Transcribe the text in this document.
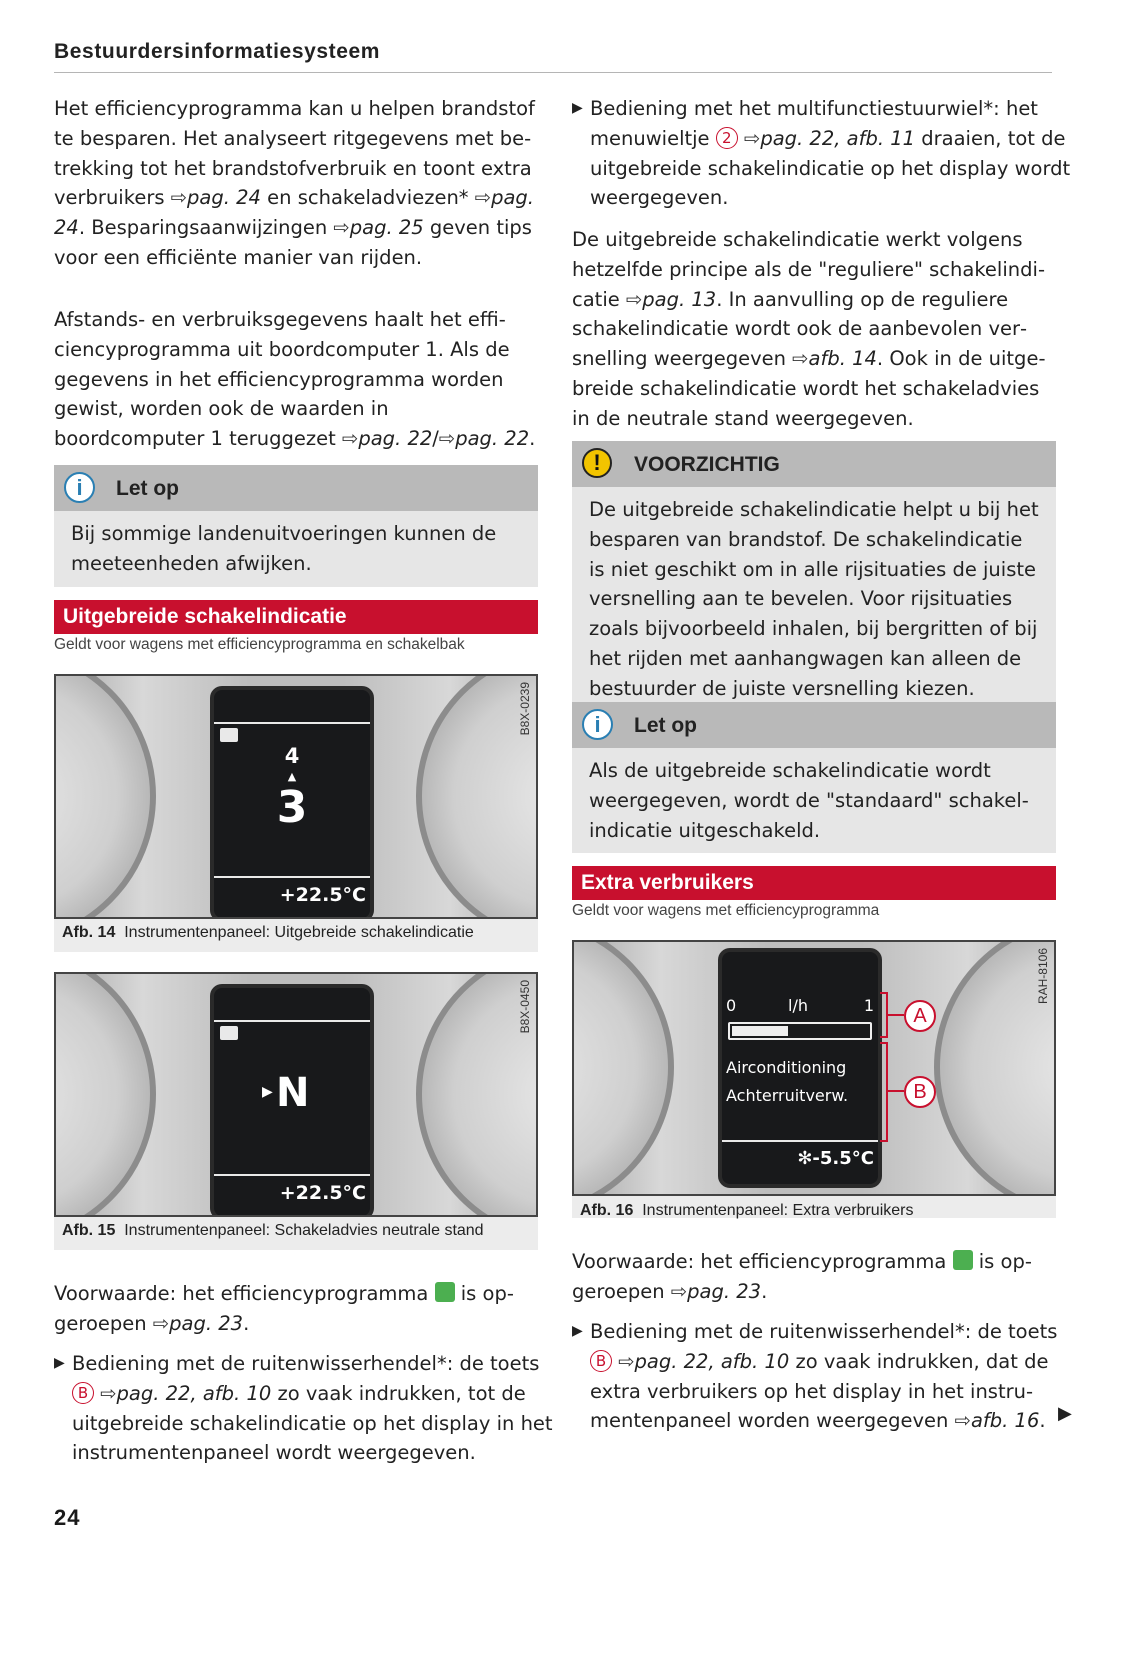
Bestuurdersinformatiesysteem

Het efficiencyprogramma kan u helpen brandstof te besparen. Het analyseert ritgegevens met betrekking tot het brandstofverbruik en toont extra verbruikers ⇨pag. 24 en schakeladviezen* ⇨pag. 24. Besparingsaanwijzingen ⇨pag. 25 geven tips voor een efficiënte manier van rijden.

Afstands- en verbruiksgegevens haalt het efficiencyprogramma uit boordcomputer 1. Als de gegevens in het efficiencyprogramma worden gewist, worden ook de waarden in boordcomputer 1 teruggezet ⇨pag. 22/⇨pag. 22.

i	Let op
Bij sommige landenuitvoeringen kunnen de meeteenheden afwijken.
Uitgebreide schakelindicatie
Geldt voor wagens met efficiencyprogramma en schakelbak
4
▲
3
+22.5°C
B8X-0239
Afb. 14 Instrumentenpaneel: Uitgebreide schakelindicatie
▶ N
+22.5°C
B8X-0450
Afb. 15 Instrumentenpaneel: Schakeladvies neutrale stand

Voorwaarde: het efficiencyprogramma  is opgeroepen ⇨pag. 23.

▶ Bediening met de ruitenwisserhendel*: de toets B ⇨pag. 22, afb. 10 zo vaak indrukken, tot de uitgebreide schakelindicatie op het display in het instrumentenpaneel wordt weergegeven.

▶ Bediening met het multifunctiestuurwiel*: het menuwieltje 2 ⇨pag. 22, afb. 11 draaien, tot de uitgebreide schakelindicatie op het display wordt weergegeven.

De uitgebreide schakelindicatie werkt volgens hetzelfde principe als de "reguliere" schakelindicatie ⇨pag. 13. In aanvulling op de reguliere schakelindicatie wordt ook de aanbevolen versnelling weergegeven ⇨afb. 14. Ook in de uitgebreide schakelindicatie wordt het schakeladvies in de neutrale stand weergegeven.

!	VOORZICHTIG
De uitgebreide schakelindicatie helpt u bij het besparen van brandstof. De schakelindicatie is niet geschikt om in alle rijsituaties de juiste versnelling aan te bevelen. Voor rijsituaties zoals bijvoorbeeld inhalen, bij bergritten of bij het rijden met aanhangwagen kan alleen de bestuurder de juiste versnelling kiezen.
i	Let op
Als de uitgebreide schakelindicatie wordt weergegeven, wordt de "standaard" schakelindicatie uitgeschakeld.
Extra verbruikers
Geldt voor wagens met efficiencyprogramma
0	l/h	1
Airconditioning
Achterruitverw.
✻-5.5°C
A
B
RAH-8106
Afb. 16 Instrumentenpaneel: Extra verbruikers

Voorwaarde: het efficiencyprogramma  is opgeroepen ⇨pag. 23.

▶ Bediening met de ruitenwisserhendel*: de toets B ⇨pag. 22, afb. 10 zo vaak indrukken, dat de extra verbruikers op het display in het instrumentenpaneel worden weergegeven ⇨afb. 16. ▶
24
